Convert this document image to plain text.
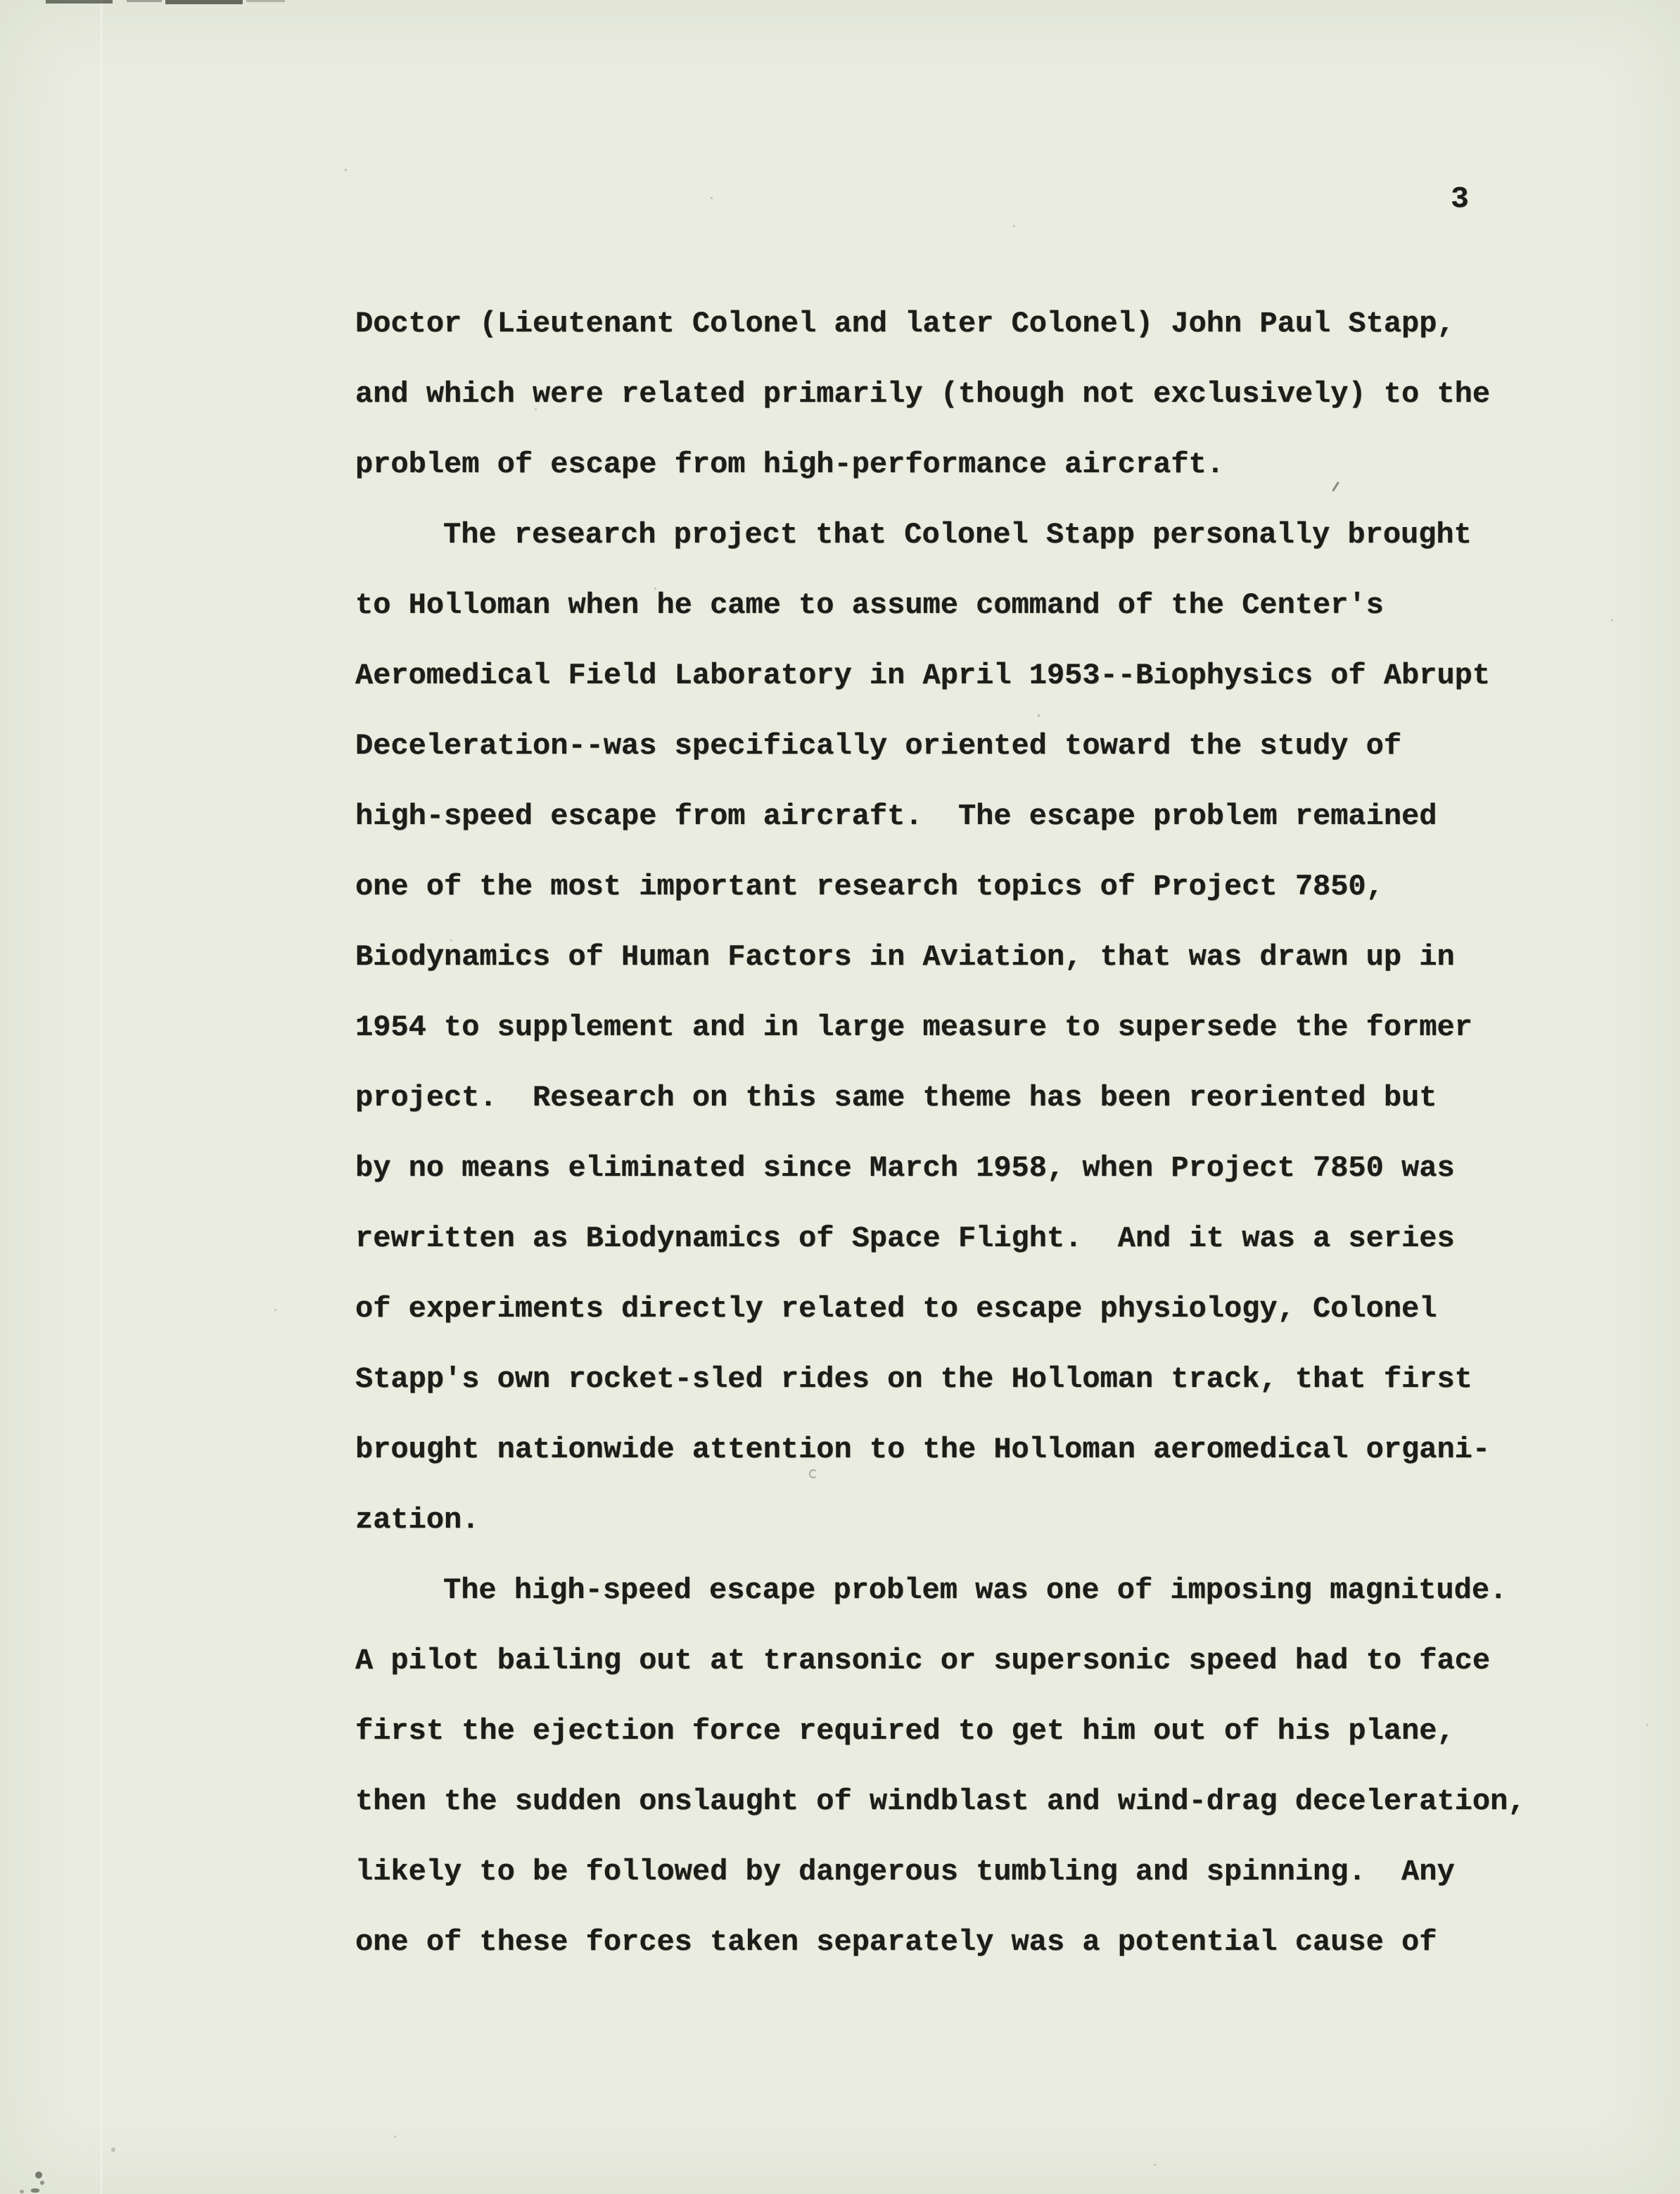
3
Doctor (Lieutenant Colonel and later Colonel) John Paul Stapp,
and which were related primarily (though not exclusively) to the
problem of escape from high-performance aircraft.
The research project that Colonel Stapp personally brought
to Holloman when he came to assume command of the Center's
Aeromedical Field Laboratory in April 1953--Biophysics of Abrupt
Deceleration--was specifically oriented toward the study of
high-speed escape from aircraft.  The escape problem remained
one of the most important research topics of Project 7850,
Biodynamics of Human Factors in Aviation, that was drawn up in
1954 to supplement and in large measure to supersede the former
project.  Research on this same theme has been reoriented but
by no means eliminated since March 1958, when Project 7850 was
rewritten as Biodynamics of Space Flight.  And it was a series
of experiments directly related to escape physiology, Colonel
Stapp's own rocket-sled rides on the Holloman track, that first
brought nationwide attention to the Holloman aeromedical organi-
zation.
The high-speed escape problem was one of imposing magnitude.
A pilot bailing out at transonic or supersonic speed had to face
first the ejection force required to get him out of his plane,
then the sudden onslaught of windblast and wind-drag deceleration,
likely to be followed by dangerous tumbling and spinning.  Any
one of these forces taken separately was a potential cause of
